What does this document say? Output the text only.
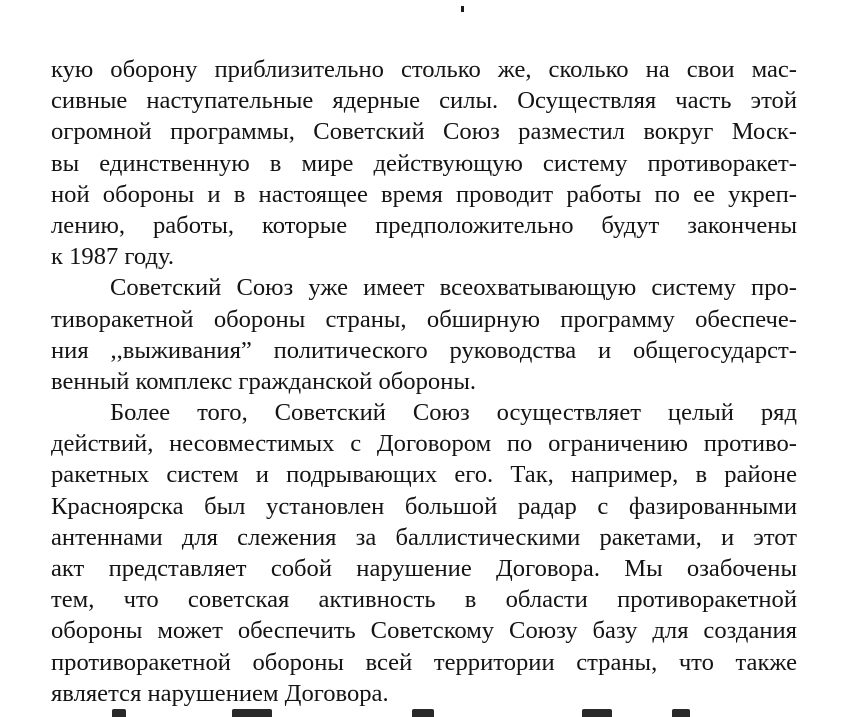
кую оборону приблизительно столько же, сколько на свои мас-
сивные наступательные ядерные силы. Осуществляя часть этой
огромной программы, Советский Союз разместил вокруг Моск-
вы единственную в мире действующую систему противоракет-
ной обороны и в настоящее время проводит работы по ее укреп-
лению, работы, которые предположительно будут закончены
к 1987 году.
Советский Союз уже имеет всеохватывающую систему про-
тиворакетной обороны страны, обширную программу обеспече-
ния ,,выживания” политического руководства и общегосударст-
венный комплекс гражданской обороны.
Более того, Советский Союз осуществляет целый ряд
действий, несовместимых с Договором по ограничению противо-
ракетных систем и подрывающих его. Так, например, в районе
Красноярска был установлен большой радар с фазированными
антеннами для слежения за баллистическими ракетами, и этот
акт представляет собой нарушение Договора. Мы озабочены
тем, что советская активность в области противоракетной
обороны может обеспечить Советскому Союзу базу для создания
противоракетной обороны всей территории страны, что также
является нарушением Договора.
